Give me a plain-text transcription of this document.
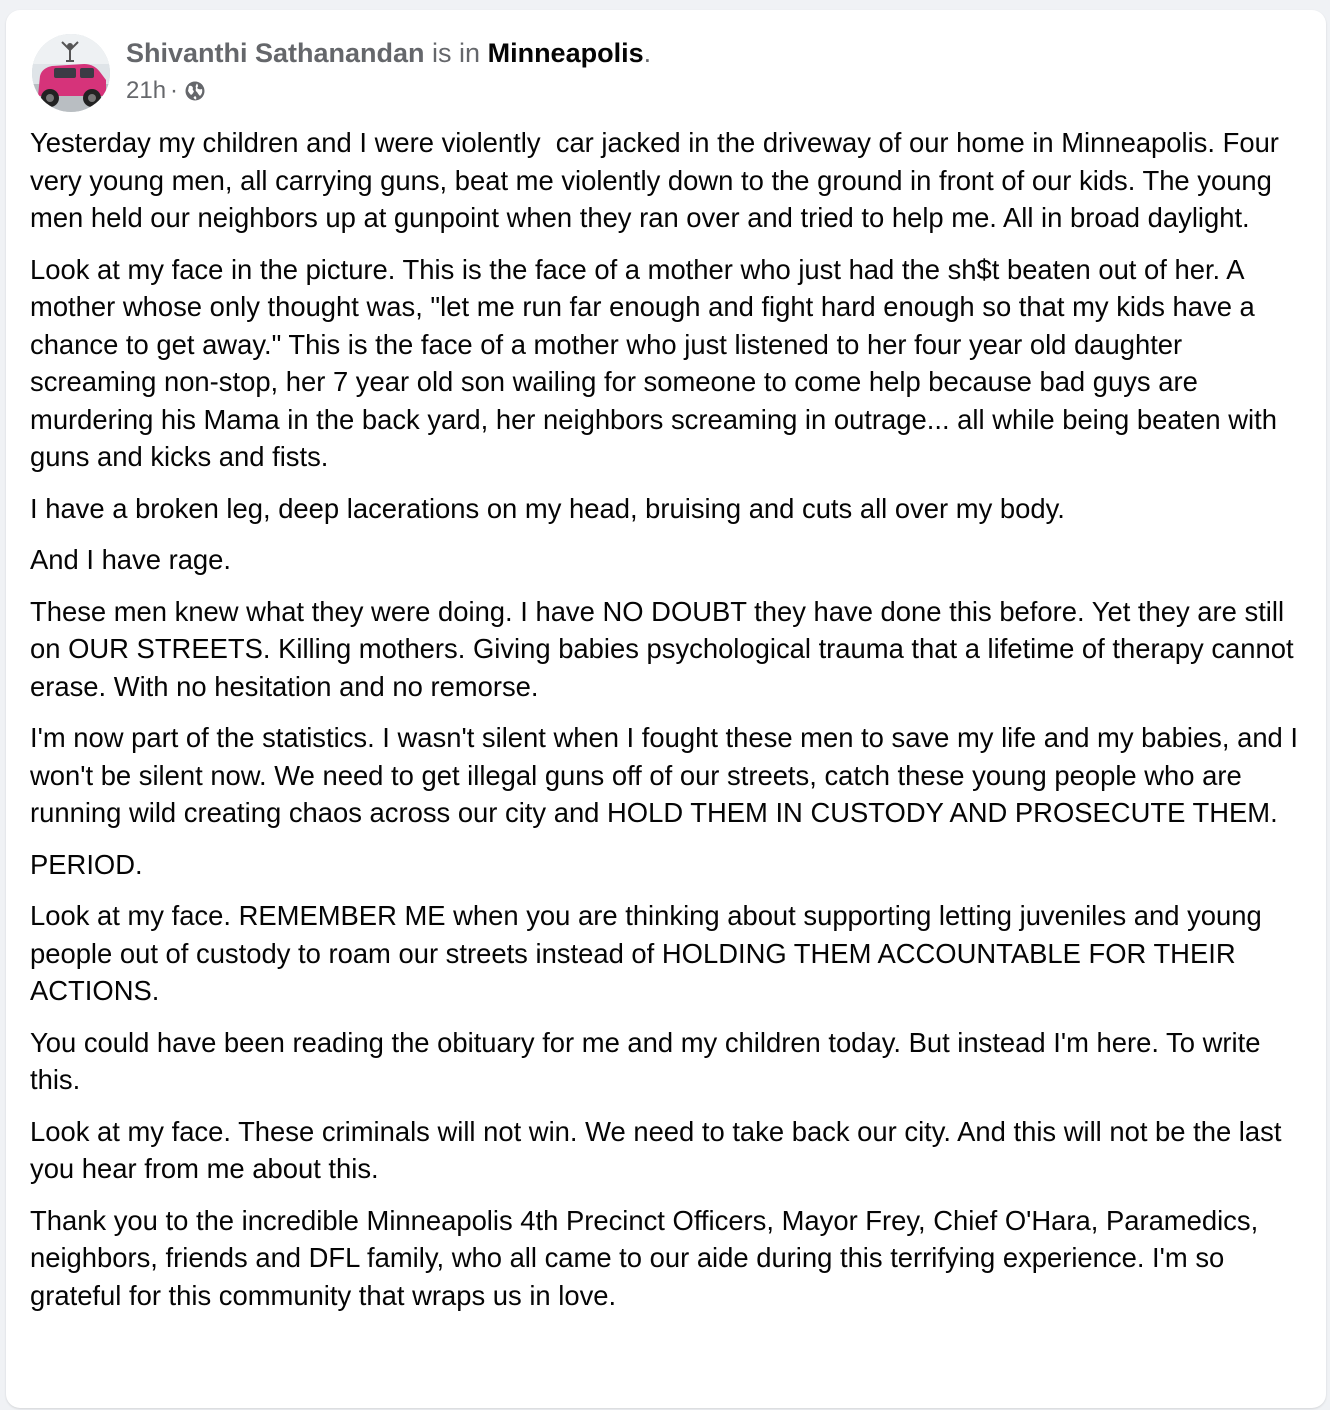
Shivanthi Sathanandan is in Minneapolis.
21h ·

Yesterday my children and I were violently  car jacked in the driveway of our home in Minneapolis. Four very young men, all carrying guns, beat me violently down to the ground in front of our kids. The young men held our neighbors up at gunpoint when they ran over and tried to help me. All in broad daylight.

Look at my face in the picture. This is the face of a mother who just had the sh$t beaten out of her. A mother whose only thought was, "let me run far enough and fight hard enough so that my kids have a chance to get away." This is the face of a mother who just listened to her four year old daughter screaming non-stop, her 7 year old son wailing for someone to come help because bad guys are murdering his Mama in the back yard, her neighbors screaming in outrage... all while being beaten with guns and kicks and fists.

I have a broken leg, deep lacerations on my head, bruising and cuts all over my body.

And I have rage.

These men knew what they were doing. I have NO DOUBT they have done this before. Yet they are still on OUR STREETS. Killing mothers. Giving babies psychological trauma that a lifetime of therapy cannot erase. With no hesitation and no remorse.

I'm now part of the statistics. I wasn't silent when I fought these men to save my life and my babies, and I won't be silent now. We need to get illegal guns off of our streets, catch these young people who are running wild creating chaos across our city and HOLD THEM IN CUSTODY AND PROSECUTE THEM.

PERIOD.

Look at my face. REMEMBER ME when you are thinking about supporting letting juveniles and young people out of custody to roam our streets instead of HOLDING THEM ACCOUNTABLE FOR THEIR ACTIONS.

You could have been reading the obituary for me and my children today. But instead I'm here. To write this.

Look at my face. These criminals will not win. We need to take back our city. And this will not be the last you hear from me about this.

Thank you to the incredible Minneapolis 4th Precinct Officers, Mayor Frey, Chief O'Hara, Paramedics, neighbors, friends and DFL family, who all came to our aide during this terrifying experience. I'm so grateful for this community that wraps us in love.
